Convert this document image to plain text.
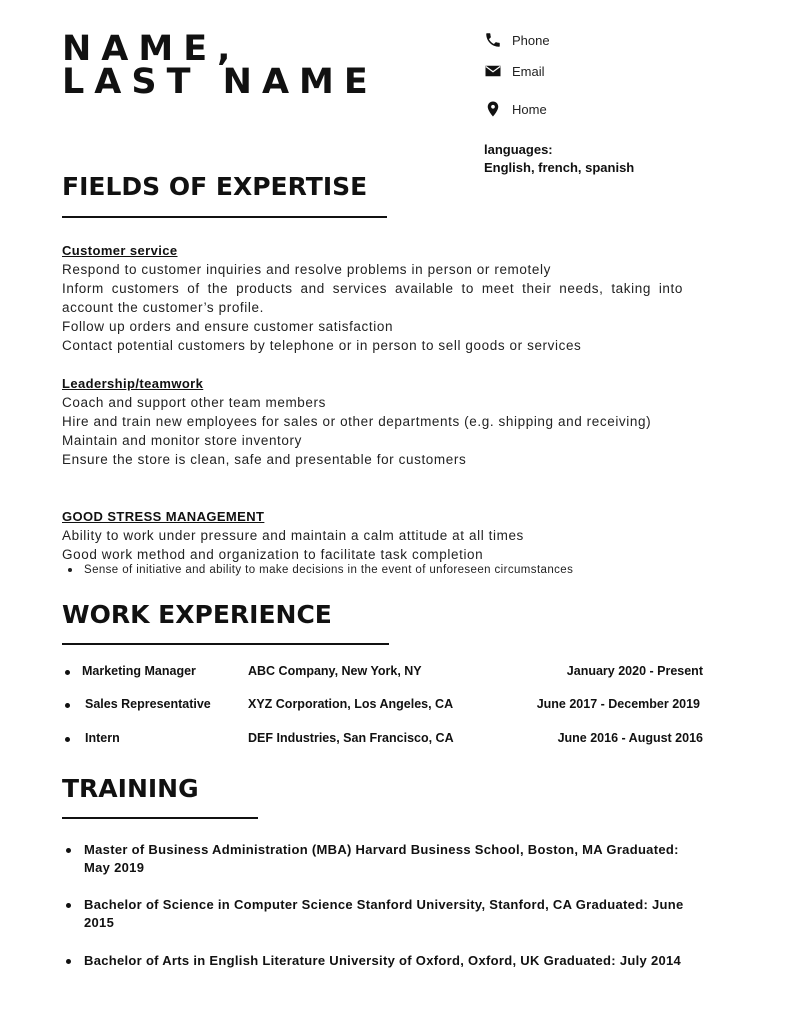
NAME,
LAST NAME
Phone
Email
Home
languages:
English, french, spanish
FIELDS OF EXPERTISE
Customer service
Respond to customer inquiries and resolve problems in person or remotely
Inform customers of the products and services available to meet their needs, taking into account the customer’s profile.
Follow up orders and ensure customer satisfaction
Contact potential customers by telephone or in person to sell goods or services
Leadership/teamwork
Coach and support other team members
Hire and train new employees for sales or other departments (e.g. shipping and receiving)
Maintain and monitor store inventory
Ensure the store is clean, safe and presentable for customers
GOOD STRESS MANAGEMENT
Ability to work under pressure and maintain a calm attitude at all times
Good work method and organization to facilitate task completion
Sense of initiative and ability to make decisions in the event of unforeseen circumstances
WORK EXPERIENCE
Marketing Manager	ABC Company, New York, NY	January 2020 - Present
Sales Representative	XYZ Corporation, Los Angeles, CA	June 2017 - December 2019
Intern	DEF Industries, San Francisco, CA	June 2016 - August 2016
TRAINING
Master of Business Administration (MBA) Harvard Business School, Boston, MA Graduated: May 2019
Bachelor of Science in Computer Science Stanford University, Stanford, CA Graduated: June 2015
Bachelor of Arts in English Literature University of Oxford, Oxford, UK Graduated: July 2014
